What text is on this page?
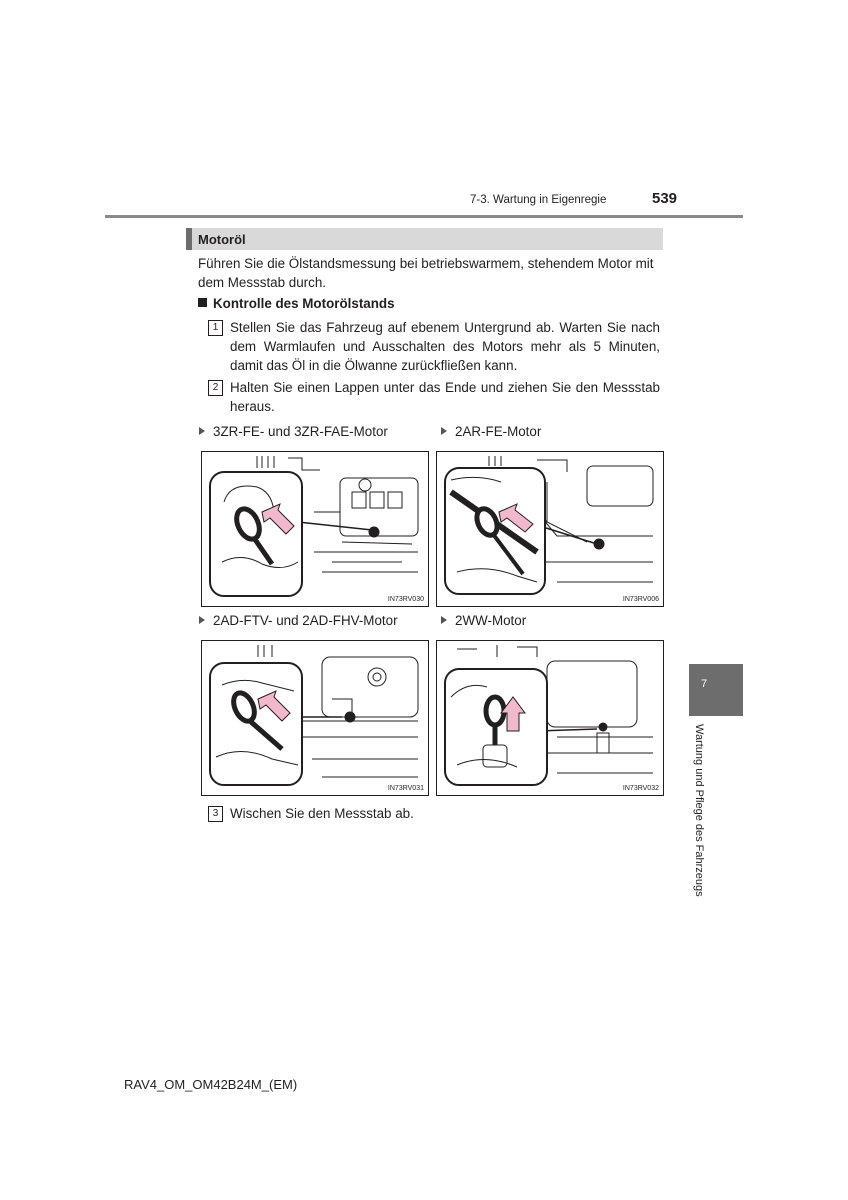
7-3. Wartung in Eigenregie	539
Motoröl
Führen Sie die Ölstandsmessung bei betriebswarmem, stehendem Motor mit dem Messstab durch.
Kontrolle des Motorölstands
1 Stellen Sie das Fahrzeug auf ebenem Untergrund ab. Warten Sie nach dem Warmlaufen und Ausschalten des Motors mehr als 5 Minuten, damit das Öl in die Ölwanne zurückfließen kann.
2 Halten Sie einen Lappen unter das Ende und ziehen Sie den Messstab heraus.
3ZR-FE- und 3ZR-FAE-Motor	2AR-FE-Motor
IN73RV030	IN73RV006
2AD-FTV- und 2AD-FHV-Motor	2WW-Motor
IN73RV031	IN73RV032
3 Wischen Sie den Messstab ab.
7
Wartung und Pflege des Fahrzeugs
RAV4_OM_OM42B24M_(EM)
